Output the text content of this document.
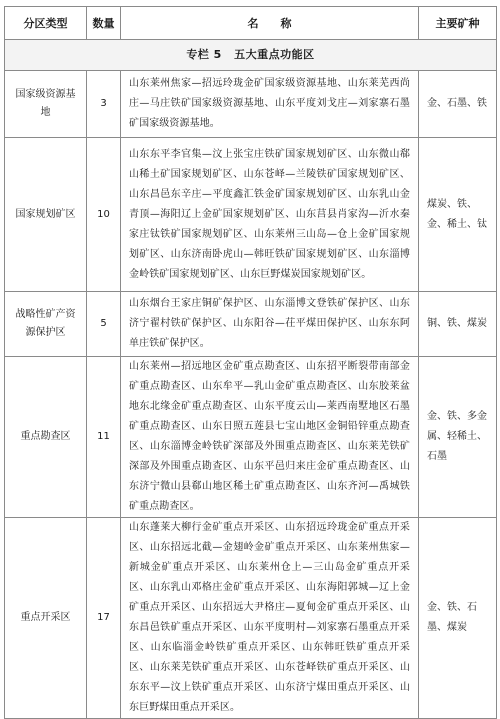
专栏 5 五大重点功能区			
分区类型	数量	名　　称	主要矿种
国家级资源基地	3	山东莱州焦家—招远玲珑金矿国家级资源基地、山东莱芜西尚庄—马庄铁矿国家级资源基地、山东平度刘戈庄—刘家寨石墨矿国家级资源基地。	金、石墨、铁
国家规划矿区	10	山东东平李官集—汶上张宝庄铁矿国家规划矿区、山东微山郗山稀土矿国家规划矿区、山东苍峄—兰陵铁矿国家规划矿区、山东昌邑东辛庄—平度鑫汇铁金矿国家规划矿区、山东乳山金青顶—海阳辽上金矿国家规划矿区、山东莒县肖家沟—沂水秦家庄钛铁矿国家规划矿区、山东莱州三山岛—仓上金矿国家规划矿区、山东济南卧虎山—韩旺铁矿国家规划矿区、山东淄博金岭铁矿国家规划矿区、山东巨野煤炭国家规划矿区。	煤炭、铁、金、稀土、钛
战略性矿产资源保护区	5	山东烟台王家庄铜矿保护区、山东淄博文登铁矿保护区、山东济宁翟村铁矿保护区、山东阳谷—茌平煤田保护区、山东东阿单庄铁矿保护区。	铜、铁、煤炭
重点勘查区	11	山东莱州—招远地区金矿重点勘查区、山东招平断裂带南部金矿重点勘查区、山东牟平—乳山金矿重点勘查区、山东胶莱盆地东北缘金矿重点勘查区、山东平度云山—莱西南墅地区石墨矿重点勘查区、山东日照五莲县七宝山地区金铜铅锌重点勘查区、山东淄博金岭铁矿深部及外围重点勘查区、山东莱芜铁矿深部及外围重点勘查区、山东平邑归来庄金矿重点勘查区、山东济宁微山县郗山地区稀土矿重点勘查区、山东齐河—禹城铁矿重点勘查区。	金、铁、多金属、轻稀土、石墨
重点开采区	17	山东蓬莱大柳行金矿重点开采区、山东招远玲珑金矿重点开采区、山东招远北截—金翅岭金矿重点开采区、山东莱州焦家—新城金矿重点开采区、山东莱州仓上—三山岛金矿重点开采区、山东乳山邓格庄金矿重点开采区、山东海阳郭城—辽上金矿重点开采区、山东招远大尹格庄—夏甸金矿重点开采区、山东昌邑铁矿重点开采区、山东平度明村—刘家寨石墨重点开采区、山东临淄金岭铁矿重点开采区、山东韩旺铁矿重点开采区、山东莱芜铁矿重点开采区、山东苍峄铁矿重点开采区、山东东平—汶上铁矿重点开采区、山东济宁煤田重点开采区、山东巨野煤田重点开采区。	金、铁、石墨、煤炭
